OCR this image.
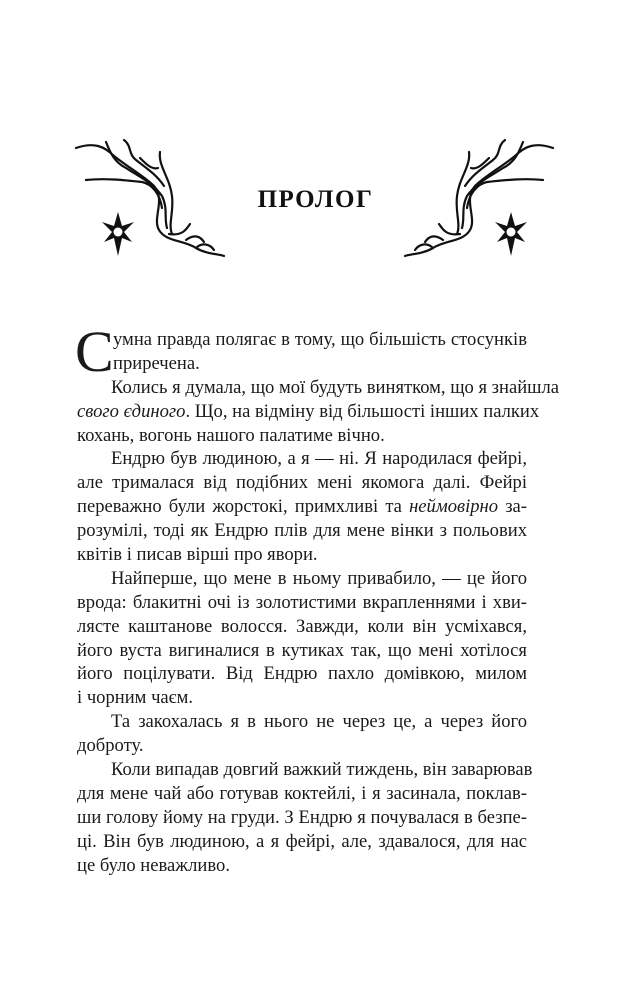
ПРОЛОГ
С умна правда полягає в тому, що більшість стосунків
приречена.
Колись я думала, що мої будуть винятком, що я знайшла
свого єдиного. Що, на відміну від більшості інших палких
кохань, вогонь нашого палатиме вічно.
Ендрю був людиною, а я — ні. Я народилася фейрі,
але трималася від подібних мені якомога далі. Фейрі
переважно були жорстокі, примхливі та неймовірно за-
розумілі, тоді як Ендрю плів для мене вінки з польових
квітів і писав вірші про явори.
Найперше, що мене в ньому привабило, — це його
врода: блакитні очі із золотистими вкрапленнями і хви-
лясте каштанове волосся. Завжди, коли він усміхався,
його вуста вигиналися в кутиках так, що мені хотілося
його поцілувати. Від Ендрю пахло домівкою, милом
і чорним чаєм.
Та закохалась я в нього не через це, а через його
доброту.
Коли випадав довгий важкий тиждень, він заварював
для мене чай або готував коктейлі, і я засинала, поклав-
ши голову йому на груди. З Ендрю я почувалася в безпе-
ці. Він був людиною, а я фейрі, але, здавалося, для нас
це було неважливо.
